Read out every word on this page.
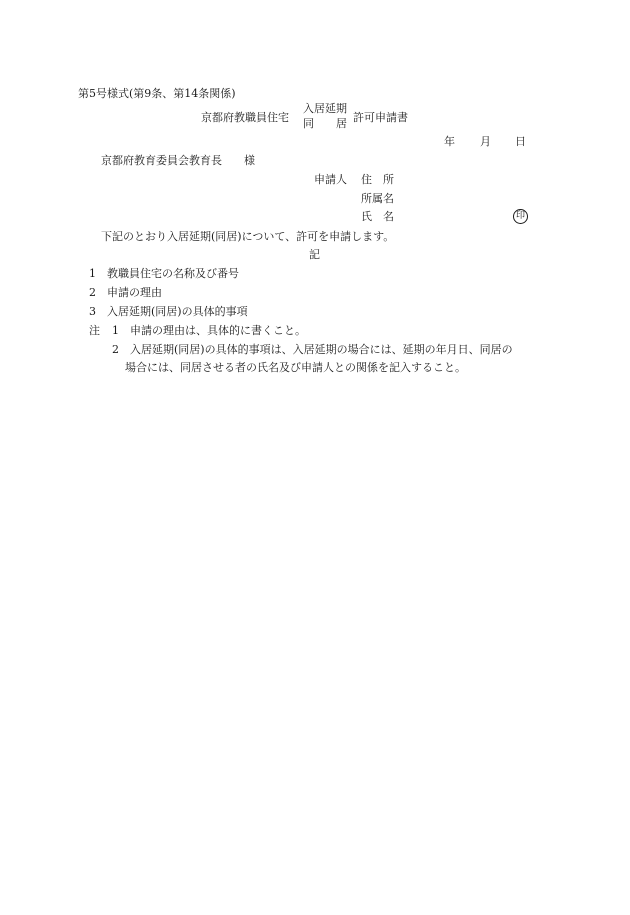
第5号様式(第9条、第14条関係)
京都府教職員住宅
入居延期
同 居 許可申請書
年 月 日
京都府教育委員会教育長　　様
申請人 住　所
所属名
氏　名	印
下記のとおり入居延期(同居)について、許可を申請します。
記
1　教職員住宅の名称及び番号
2　申請の理由
3　入居延期(同居)の具体的事項
注 1　申請の理由は、具体的に書くこと。
2　入居延期(同居)の具体的事項は、入居延期の場合には、延期の年月日、同居の
場合には、同居させる者の氏名及び申請人との関係を記入すること。
